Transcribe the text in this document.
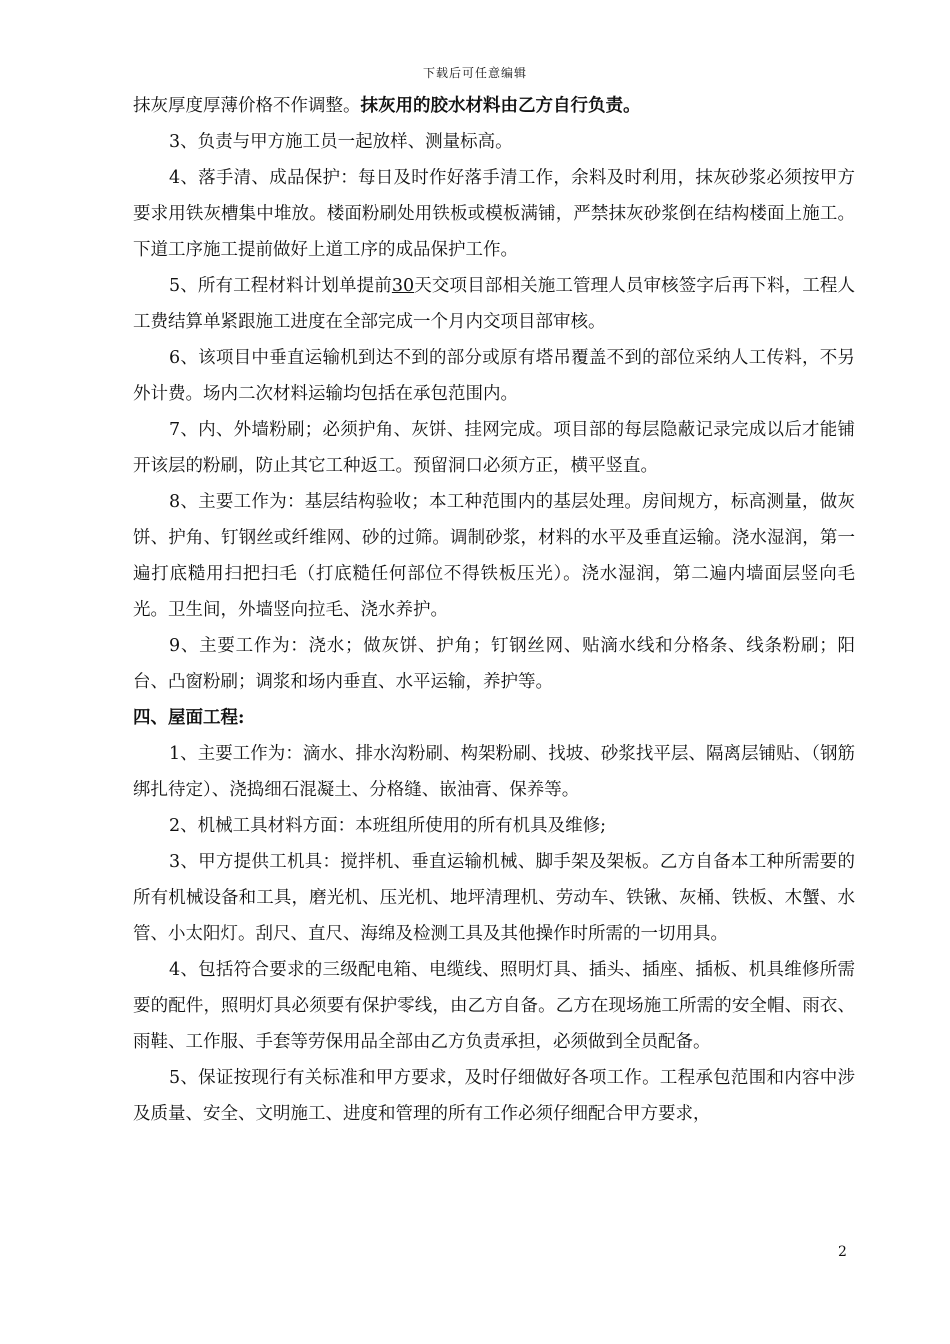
下载后可任意编辑

抹灰厚度厚薄价格不作调整。抹灰用的胶水材料由乙方自行负责。

3、负责与甲方施工员一起放样、测量标高。

4、落手清、成品保护：每日及时作好落手清工作，余料及时利用，抹灰砂浆必须按甲方要求用铁灰槽集中堆放。楼面粉刷处用铁板或模板满铺，严禁抹灰砂浆倒在结构楼面上施工。下道工序施工提前做好上道工序的成品保护工作。

5、所有工程材料计划单提前30天交项目部相关施工管理人员审核签字后再下料，工程人工费结算单紧跟施工进度在全部完成一个月内交项目部审核。

6、该项目中垂直运输机到达不到的部分或原有塔吊覆盖不到的部位采纳人工传料，不另外计费。场内二次材料运输均包括在承包范围内。

7、内、外墙粉刷；必须护角、灰饼、挂网完成。项目部的每层隐蔽记录完成以后才能铺开该层的粉刷，防止其它工种返工。预留洞口必须方正，横平竖直。

8、主要工作为：基层结构验收；本工种范围内的基层处理。房间规方，标高测量，做灰饼、护角、钉钢丝或纤维网、砂的过筛。调制砂浆，材料的水平及垂直运输。浇水湿润，第一遍打底糙用扫把扫毛（打底糙任何部位不得铁板压光）。浇水湿润，第二遍内墙面层竖向毛光。卫生间，外墙竖向拉毛、浇水养护。

9、主要工作为：浇水；做灰饼、护角；钉钢丝网、贴滴水线和分格条、线条粉刷；阳台、凸窗粉刷；调浆和场内垂直、水平运输，养护等。

四、屋面工程:

1、主要工作为：滴水、排水沟粉刷、构架粉刷、找坡、砂浆找平层、隔离层铺贴、（钢筋绑扎待定）、浇捣细石混凝土、分格缝、嵌油膏、保养等。

2、机械工具材料方面：本班组所使用的所有机具及维修;

3、甲方提供工机具：搅拌机、垂直运输机械、脚手架及架板。乙方自备本工种所需要的所有机械设备和工具，磨光机、压光机、地坪清理机、劳动车、铁锹、灰桶、铁板、木蟹、水管、小太阳灯。刮尺、直尺、海绵及检测工具及其他操作时所需的一切用具。

4、包括符合要求的三级配电箱、电缆线、照明灯具、插头、插座、插板、机具维修所需要的配件，照明灯具必须要有保护零线，由乙方自备。乙方在现场施工所需的安全帽、雨衣、雨鞋、工作服、手套等劳保用品全部由乙方负责承担，必须做到全员配备。

5、保证按现行有关标准和甲方要求，及时仔细做好各项工作。工程承包范围和内容中涉及质量、安全、文明施工、进度和管理的所有工作必须仔细配合甲方要求，

2
